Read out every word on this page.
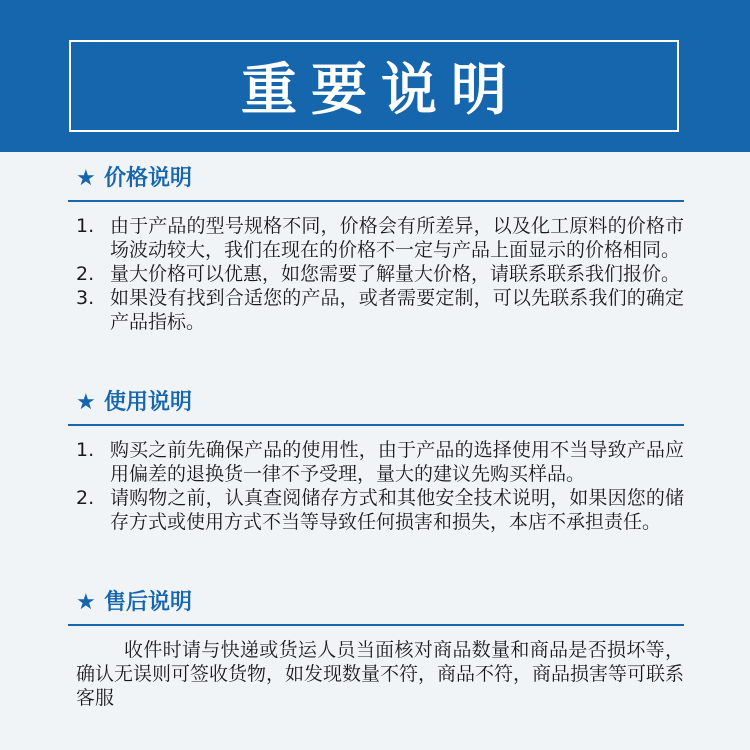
重要说明
★ 价格说明
1. 由于产品的型号规格不同，价格会有所差异，以及化工原料的价格市场波动较大，我们在现在的价格不一定与产品上面显示的价格相同。
2. 量大价格可以优惠，如您需要了解量大价格，请联系联系我们报价。
3. 如果没有找到合适您的产品，或者需要定制，可以先联系我们的确定产品指标。
★ 使用说明
1. 购买之前先确保产品的使用性，由于产品的选择使用不当导致产品应用偏差的退换货一律不予受理，量大的建议先购买样品。
2. 请购物之前，认真查阅储存方式和其他安全技术说明，如果因您的储存方式或使用方式不当等导致任何损害和损失，本店不承担责任。
★ 售后说明
收件时请与快递或货运人员当面核对商品数量和商品是否损坏等，确认无误则可签收货物，如发现数量不符，商品不符，商品损害等可联系客服
